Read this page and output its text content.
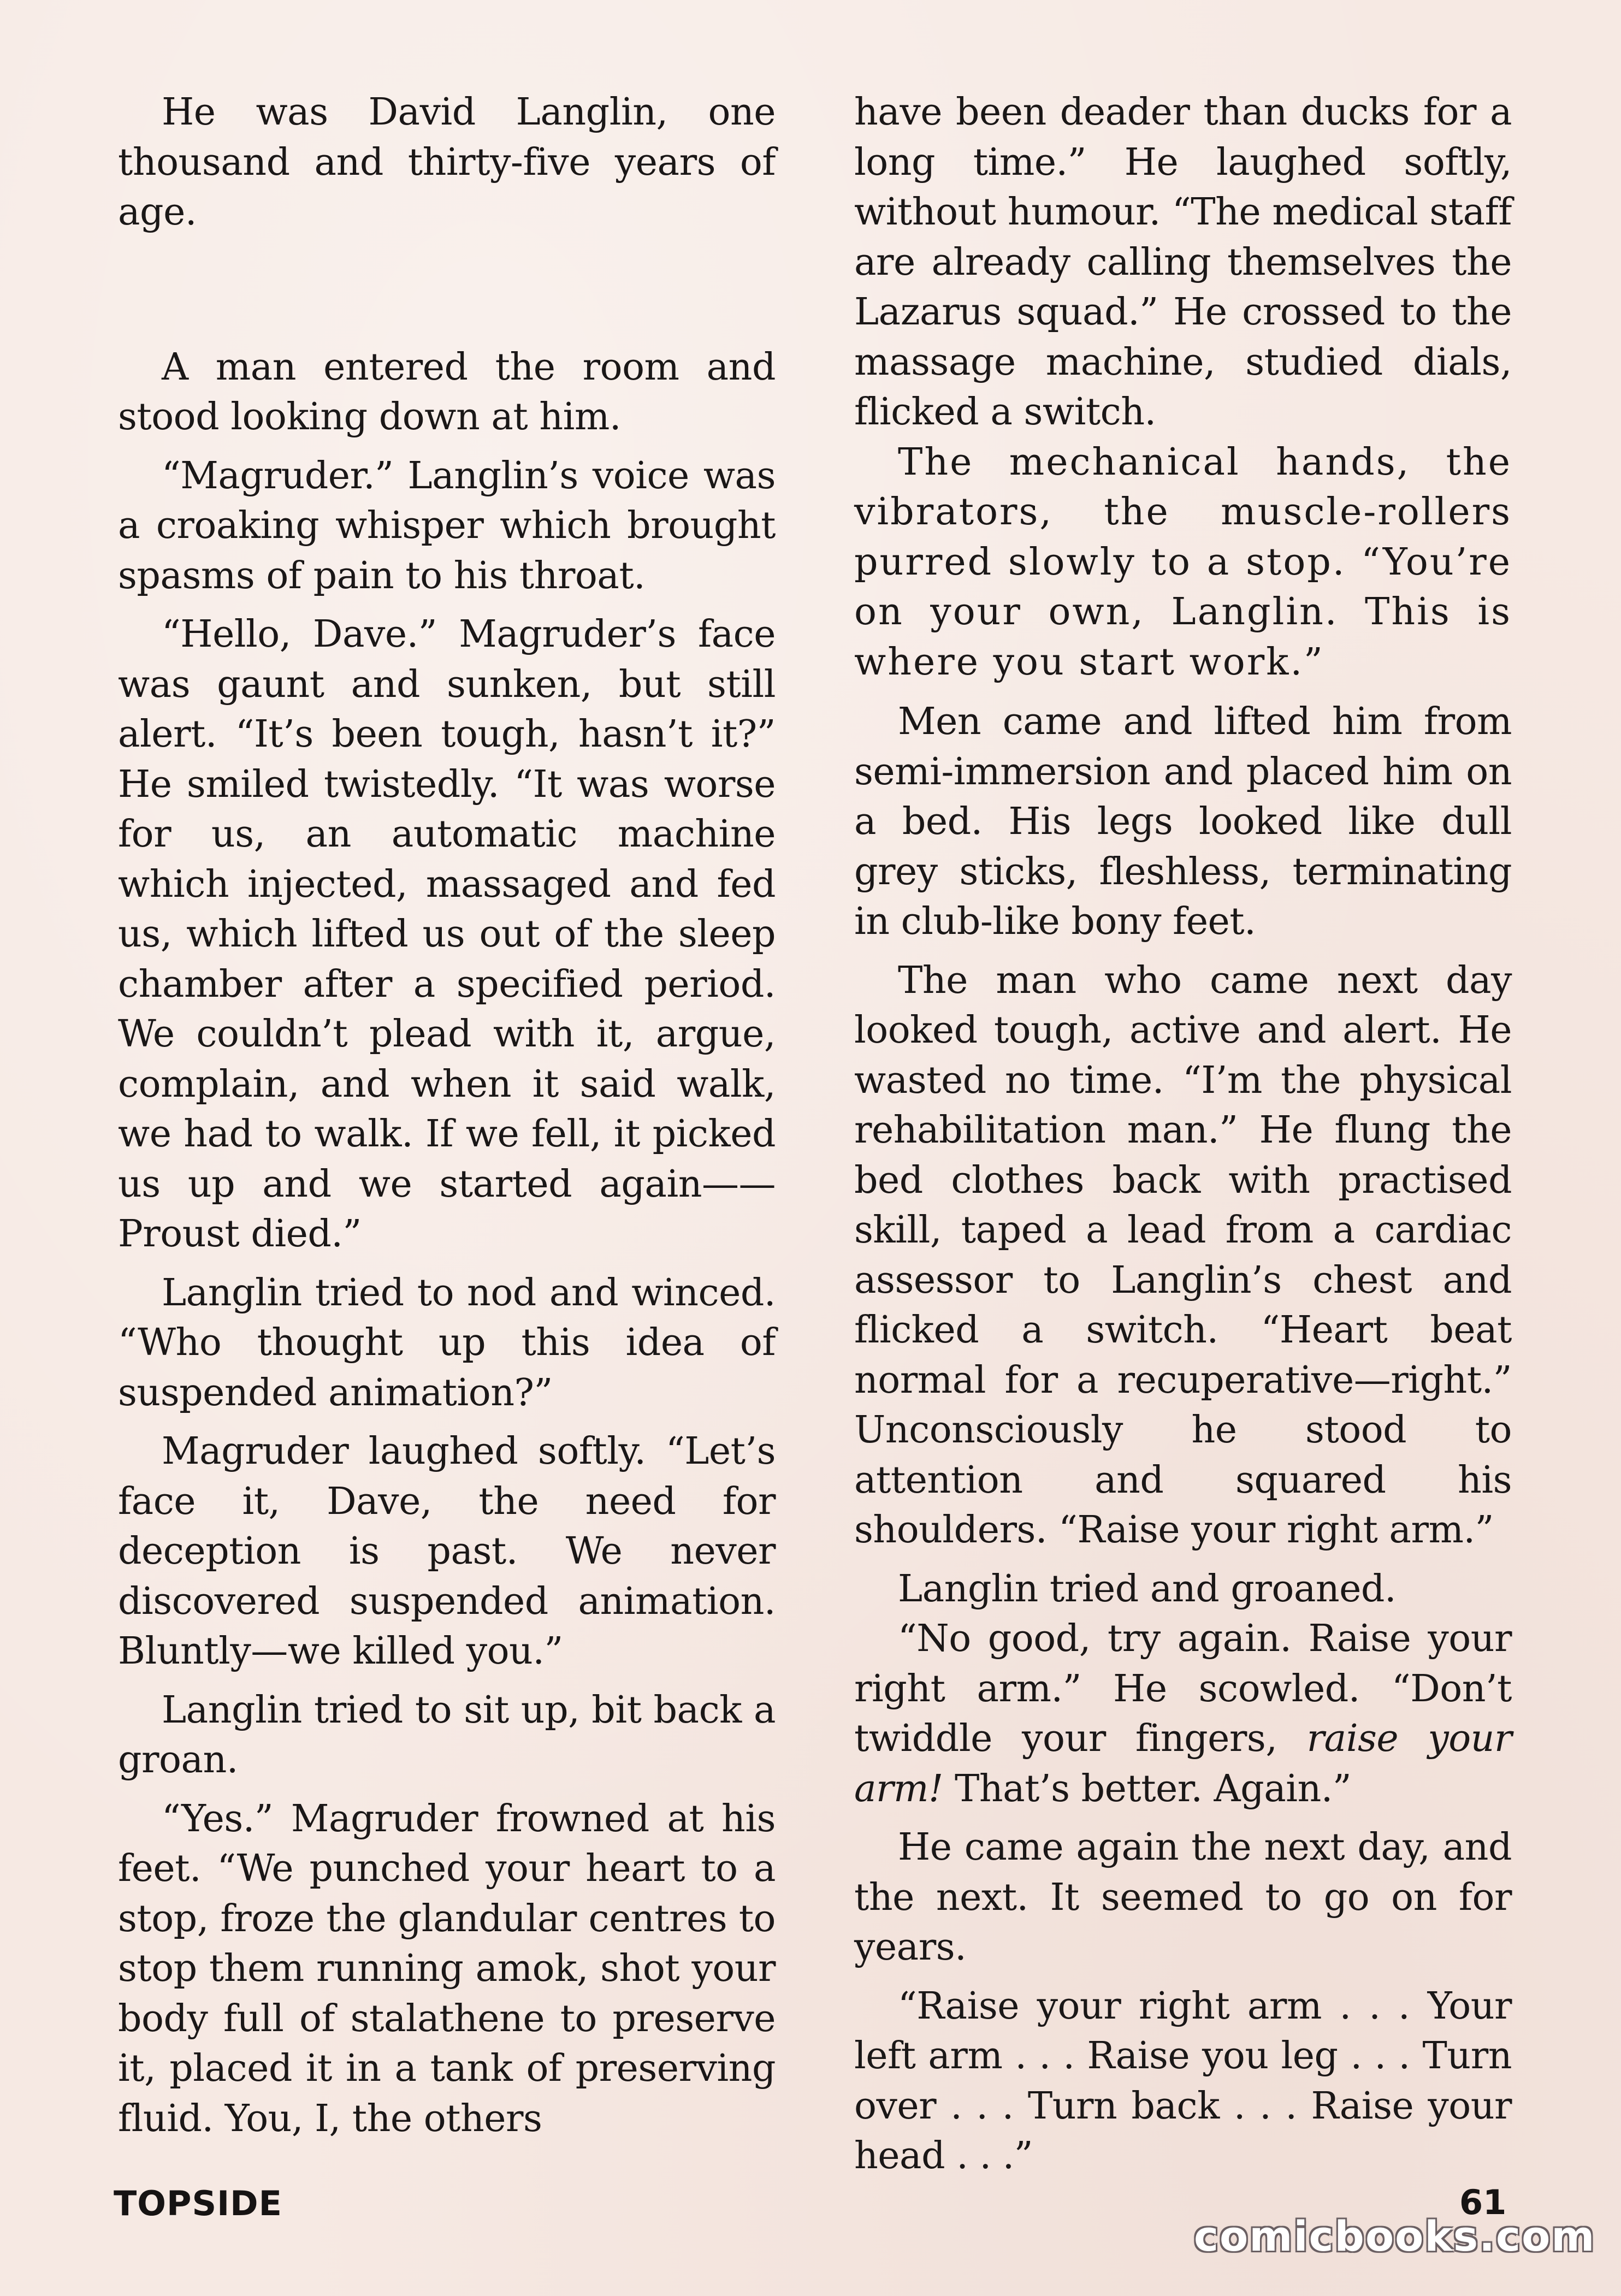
He was David Langlin, one thousand and thirty-five years of age.

A man entered the room and stood looking down at him.

“Magruder.” Langlin’s voice was a croaking whisper which brought spasms of pain to his throat.

“Hello, Dave.” Magruder’s face was gaunt and sunken, but still alert. “It’s been tough, hasn’t it?” He smiled twistedly. “It was worse for us, an automatic machine which injected, massaged and fed us, which lifted us out of the sleep chamber after a specified period. We couldn’t plead with it, argue, complain, and when it said walk, we had to walk. If we fell, it picked us up and we started again—— Proust died.”

Langlin tried to nod and winced. “Who thought up this idea of suspended animation?”

Magruder laughed softly. “Let’s face it, Dave, the need for deception is past. We never discovered suspended animation. Bluntly—we killed you.”

Langlin tried to sit up, bit back a groan.

“Yes.” Magruder frowned at his feet. “We punched your heart to a stop, froze the glandular centres to stop them running amok, shot your body full of stalathene to preserve it, placed it in a tank of preserving fluid. You, I, the others

have been deader than ducks for a long time.” He laughed softly, without humour. “The medical staff are already calling themselves the Lazarus squad.” He crossed to the massage machine, studied dials, flicked a switch.

The mechanical hands, the vibrators, the muscle-rollers purred slowly to a stop. “You’re on your own, Langlin. This is where you start work.”

Men came and lifted him from semi-immersion and placed him on a bed. His legs looked like dull grey sticks, fleshless, terminating in club-like bony feet.

The man who came next day looked tough, active and alert. He wasted no time. “I’m the physical rehabilitation man.” He flung the bed clothes back with practised skill, taped a lead from a cardiac assessor to Langlin’s chest and flicked a switch. “Heart beat normal for a recuperative—right.” Unconsciously he stood to attention and squared his shoulders. “Raise your right arm.”

Langlin tried and groaned.

“No good, try again. Raise your right arm.” He scowled. “Don’t twiddle your fingers, raise your arm! That’s better. Again.”

He came again the next day, and the next. It seemed to go on for years.

“Raise your right arm . . . Your left arm . . . Raise you leg . . . Turn over . . . Turn back . . . Raise your head . . .”

TOPSIDE	61
comicbooks.com
